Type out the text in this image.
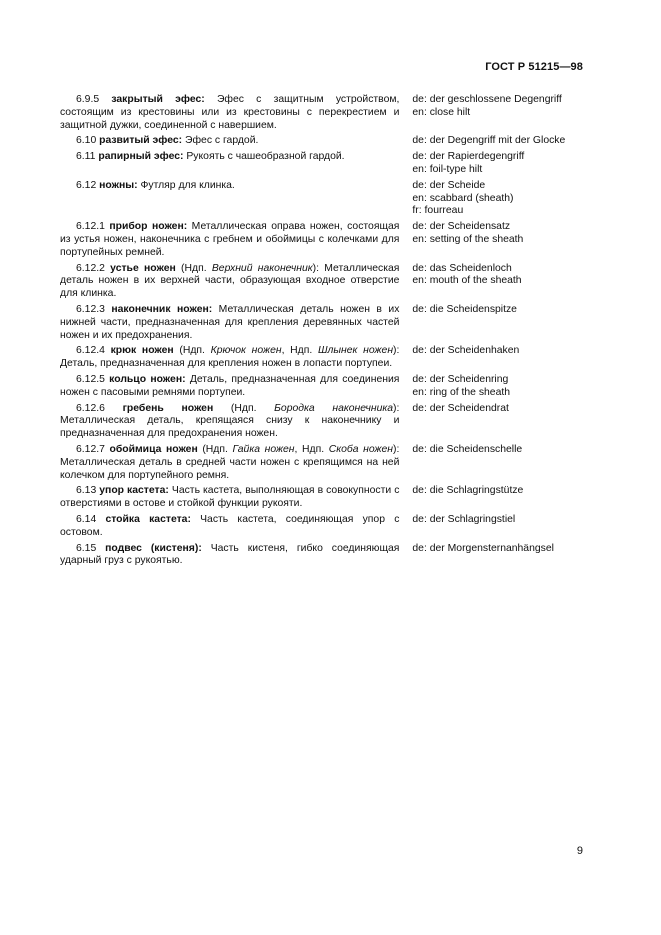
ГОСТ Р 51215—98
6.9.5 закрытый эфес: Эфес с защитным устройством, состоящим из крестовины или из крестовины с перекрестием и защитной дужки, соединенной с навершием.
de: der geschlossene Degengriff
en: close hilt
6.10 развитый эфес: Эфес с гардой.	de: der Degengriff mit der Glocke
6.11 рапирный эфес: Рукоять с чашеобразной гардой.	de: der Rapierdegengriff
en: foil-type hilt
6.12 ножны: Футляр для клинка.	de: der Scheide
en: scabbard (sheath)
fr: fourreau
6.12.1 прибор ножен: Металлическая оправа ножен, состоящая из устья ножен, наконечника с гребнем и обоймицы с колечками для портупейных ремней.
de: der Scheidensatz
en: setting of the sheath
6.12.2 устье ножен (Ндп. Верхний наконечник): Металлическая деталь ножен в их верхней части, образующая входное отверстие для клинка.
de: das Scheidenloch
en: mouth of the sheath
6.12.3 наконечник ножен: Металлическая деталь ножен в их нижней части, предназначенная для крепления деревянных частей ножен и их предохранения.
de: die Scheidenspitze
6.12.4 крюк ножен (Ндп. Крючок ножен, Ндп. Шлынек ножен): Деталь, предназначенная для крепления ножен в лопасти портупеи.
de: der Scheidenhaken
6.12.5 кольцо ножен: Деталь, предназначенная для соединения ножен с пасовыми ремнями портупеи.
de: der Scheidenring
en: ring of the sheath
6.12.6 гребень ножен (Ндп. Бородка наконечника): Металлическая деталь, крепящаяся снизу к наконечнику и предназначенная для предохранения ножен.
de: der Scheidendrat
6.12.7 обоймица ножен (Ндп. Гайка ножен, Ндп. Скоба ножен): Металлическая деталь в средней части ножен с крепящимся на ней колечком для портупейного ремня.
de: die Scheidenschelle
6.13 упор кастета: Часть кастета, выполняющая в совокупности с отверстиями в остове и стойкой функции рукояти.
de: die Schlagringstütze
6.14 стойка кастета: Часть кастета, соединяющая упор с остовом.
de: der Schlagringstiel
6.15 подвес (кистеня): Часть кистеня, гибко соединяющая ударный груз с рукоятью.
de: der Morgensternanhängsel
9
